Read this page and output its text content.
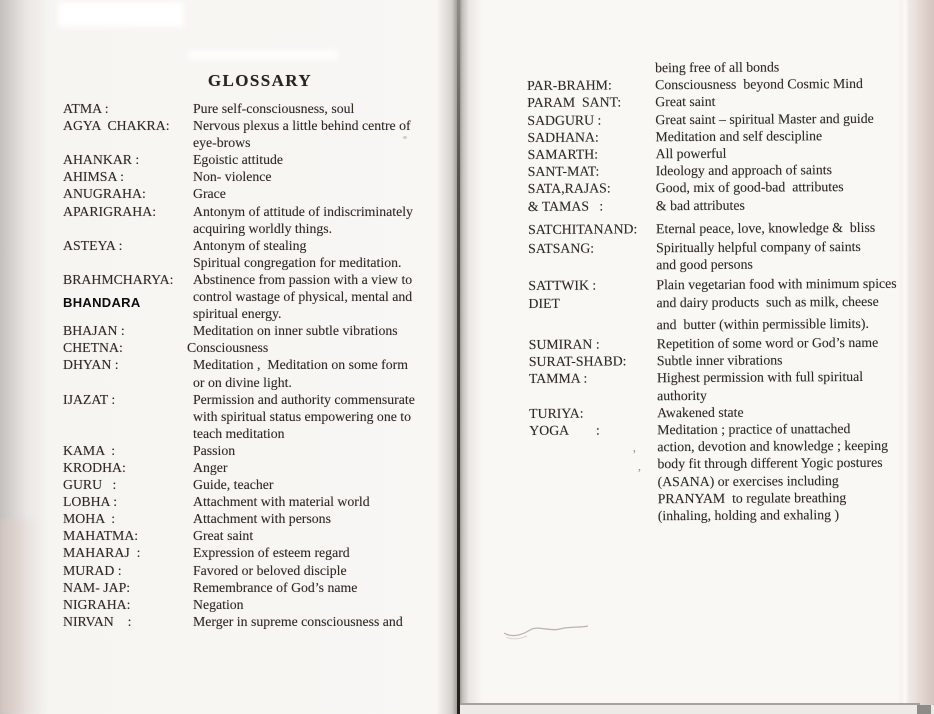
GLOSSARY
ATMA :	Pure self-consciousness, soul
AGYA  CHAKRA:	Nervous plexus a little behind centre of
eye-brows
AHANKAR :	Egoistic attitude
AHIMSA :	Non- violence
ANUGRAHA:	Grace
APARIGRAHA:	Antonym of attitude of indiscriminately
acquiring worldly things.
ASTEYA :	Antonym of stealing
Spiritual congregation for meditation.
BRAHMCHARYA:	Abstinence from passion with a view to
BHANDARA	control wastage of physical, mental and
spiritual energy.
BHAJAN :	Meditation on inner subtle vibrations
CHETNA:	Consciousness
DHYAN :	Meditation ,  Meditation on some form
or on divine light.
IJAZAT :	Permission and authority commensurate
with spiritual status empowering one to
teach meditation
KAMA  :	Passion
KRODHA:	Anger
GURU   :	Guide, teacher
LOBHA :	Attachment with material world
MOHA  :	Attachment with persons
MAHATMA:	Great saint
MAHARAJ  :	Expression of esteem regard
MURAD :	Favored or beloved disciple
NAM- JAP:	Remembrance of God’s name
NIGRAHA:	Negation
NIRVAN    :	Merger in supreme consciousness and
being free of all bonds
PAR-BRAHM:	Consciousness  beyond Cosmic Mind
PARAM  SANT:	Great saint
SADGURU :	Great saint – spiritual Master and guide
SADHANA:	Meditation and self descipline
SAMARTH:	All powerful
SANT-MAT:	Ideology and approach of saints
SATA,RAJAS:	Good, mix of good-bad  attributes
& TAMAS   :	& bad attributes
SATCHITANAND:	Eternal peace, love, knowledge &  bliss
SATSANG:	Spiritually helpful company of saints
and good persons
SATTWIK :	Plain vegetarian food with minimum spices
DIET	and dairy products  such as milk, cheese
and  butter (within permissible limits).
SUMIRAN :	Repetition of some word or God’s name
SURAT-SHABD:	Subtle inner vibrations
TAMMA :	Highest permission with full spiritual
authority
TURIYA:	Awakened state
YOGA        :	Meditation ; practice of unattached
action, devotion and knowledge ; keeping
body fit through different Yogic postures
(ASANA) or exercises including
PRANYAM  to regulate breathing
(inhaling, holding and exhaling )
’
,
